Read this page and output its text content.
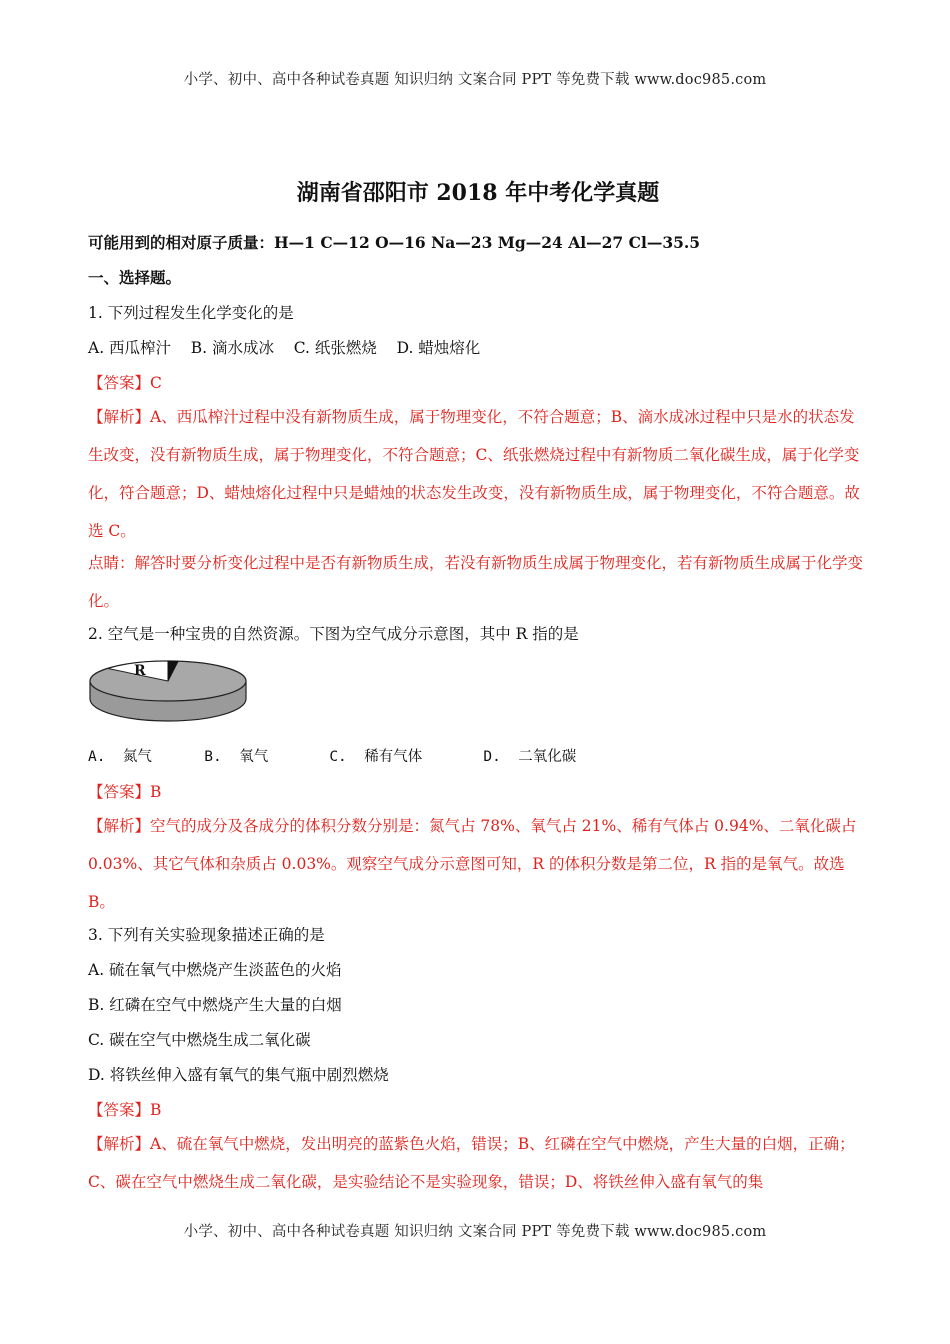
小学、初中、高中各种试卷真题 知识归纳 文案合同 PPT 等免费下载 www.doc985.com
湖南省邵阳市 2018 年中考化学真题
可能用到的相对原子质量：H—1 C—12 O—16 Na—23 Mg—24 Al—27 Cl—35.5
一、选择题。
1. 下列过程发生化学变化的是
A. 西瓜榨汁    B. 滴水成冰    C. 纸张燃烧    D. 蜡烛熔化
【答案】C
【解析】A、西瓜榨汁过程中没有新物质生成，属于物理变化，不符合题意；B、滴水成冰过程中只是水的状态发生改变，没有新物质生成，属于物理变化，不符合题意；C、纸张燃烧过程中有新物质二氧化碳生成，属于化学变化，符合题意；D、蜡烛熔化过程中只是蜡烛的状态发生改变，没有新物质生成，属于物理变化，不符合题意。故选 C。
点睛：解答时要分析变化过程中是否有新物质生成，若没有新物质生成属于物理变化，若有新物质生成属于化学变化。
2. 空气是一种宝贵的自然资源。下图为空气成分示意图，其中 R 指的是
R
A.  氮气      B.  氧气       C.  稀有气体       D.  二氧化碳
【答案】B
【解析】空气的成分及各成分的体积分数分别是：氮气占 78%、氧气占 21%、稀有气体占 0.94%、二氧化碳占 0.03%、其它气体和杂质占 0.03%。观察空气成分示意图可知，R 的体积分数是第二位，R 指的是氧气。故选 B。
3. 下列有关实验现象描述正确的是
A. 硫在氧气中燃烧产生淡蓝色的火焰
B. 红磷在空气中燃烧产生大量的白烟
C. 碳在空气中燃烧生成二氧化碳
D. 将铁丝伸入盛有氧气的集气瓶中剧烈燃烧
【答案】B
【解析】A、硫在氧气中燃烧，发出明亮的蓝紫色火焰，错误；B、红磷在空气中燃烧，产生大量的白烟，正确；C、碳在空气中燃烧生成二氧化碳，是实验结论不是实验现象，错误；D、将铁丝伸入盛有氧气的集
小学、初中、高中各种试卷真题 知识归纳 文案合同 PPT 等免费下载 www.doc985.com
